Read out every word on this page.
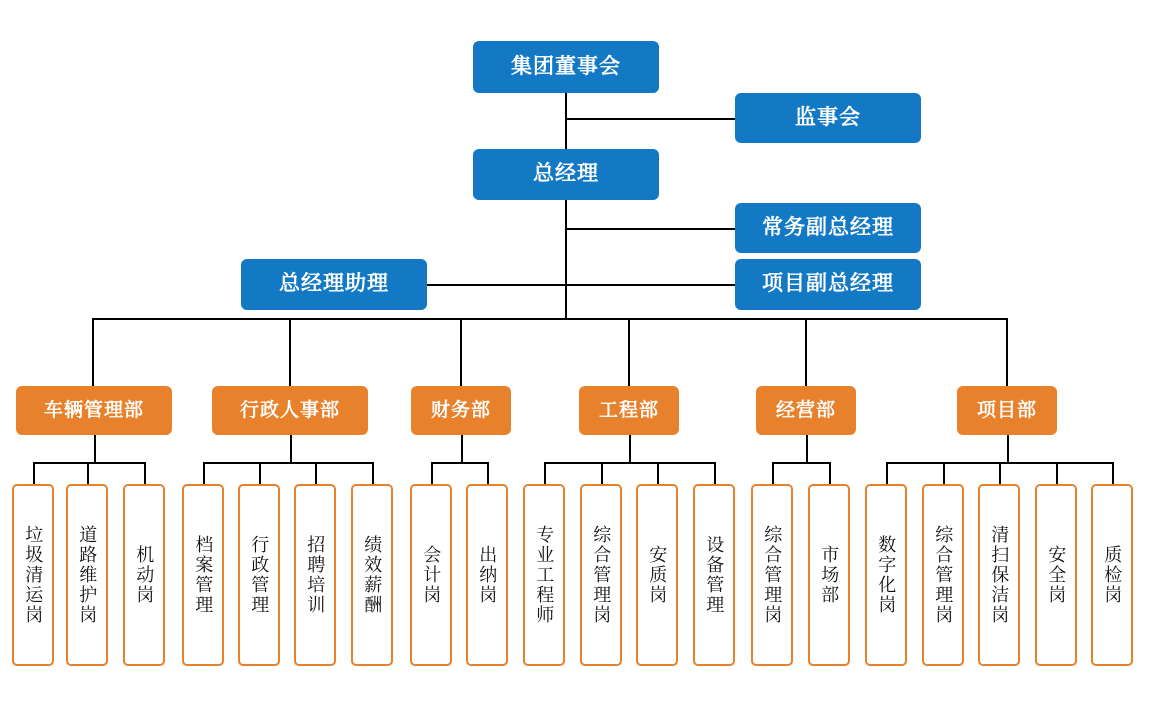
集团董事会
监事会
总经理
常务副总经理
总经理助理	项目副总经理
车辆管理部
垃圾清运岗 道路维护岗 机动岗
行政人事部
档案管理 行政管理 招聘培训 绩效薪酬
财务部
会计岗 出纳岗
工程部
专业工程师 综合管理岗 安质岗 设备管理
经营部
综合管理岗 市场部
项目部
数字化岗 综合管理岗 清扫保洁岗 安全岗 质检岗
